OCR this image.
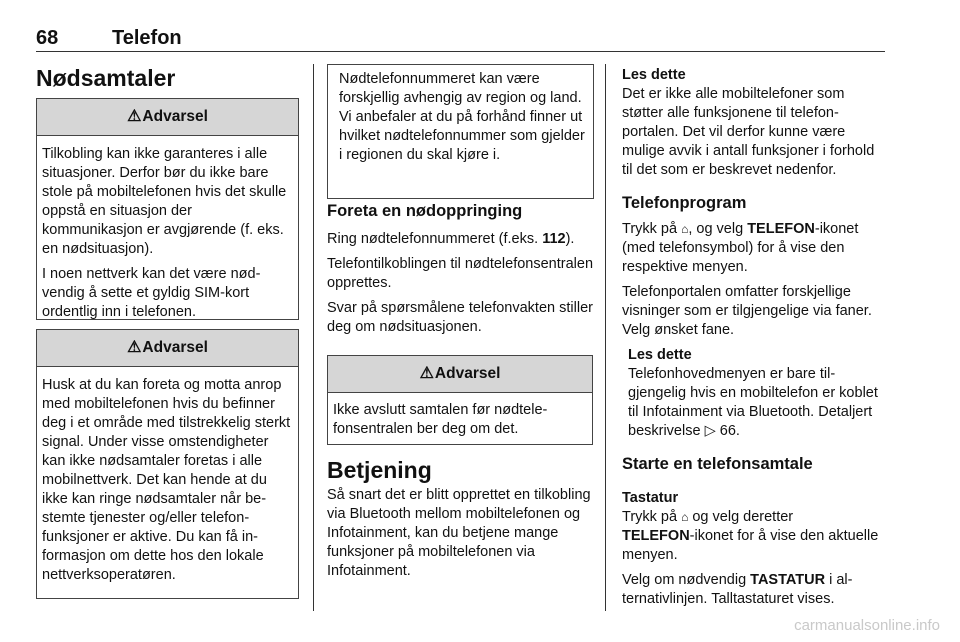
68	Telefon
Nødsamtaler
⚠Advarsel

Tilkobling kan ikke garanteres i alle situasjoner. Derfor bør du ikke bare stole på mobiltelefonen hvis det skulle oppstå en situasjon der kommunikasjon er avgjørende (f. eks. en nødsituasjon).

I noen nettverk kan det være nødvendig å sette et gyldig SIM-kort ordentlig inn i telefonen.

⚠Advarsel

Husk at du kan foreta og motta anrop med mobiltelefonen hvis du befinner deg i et område med tilstrekkelig sterkt signal. Under visse omstendigheter kan ikke nødsamtaler foretas i alle mobilnettverk. Det kan hende at du ikke kan ringe nødsamtaler når bestemte tjenester og/eller telefonfunksjoner er aktive. Du kan få informasjon om dette hos den lokale nettverksoperatøren.

Nødtelefonnummeret kan være forskjellig avhengig av region og land. Vi anbefaler at du på forhånd finner ut hvilket nødtelefonnummer som gjelder i regionen du skal kjøre i.
Foreta en nødoppringing

Ring nødtelefonnummeret (f.eks. 112).

Telefontilkoblingen til nødtelefonsentralen opprettes.

Svar på spørsmålene telefonvakten stiller deg om nødsituasjonen.

⚠Advarsel

Ikke avslutt samtalen før nødtelefonsentralen ber deg om det.

Betjening

Så snart det er blitt opprettet en tilkobling via Bluetooth mellom mobiltelefonen og Infotainment, kan du betjene mange funksjoner på mobiltelefonen via Infotainment.

Les dette
Det er ikke alle mobiltelefoner som støtter alle funksjonene til telefonportalen. Det vil derfor kunne være mulige avvik i antall funksjoner i forhold til det som er beskrevet nedenfor.
Telefonprogram

Trykk på ⌂, og velg TELEFON-ikonet (med telefonsymbol) for å vise den respektive menyen.

Telefonportalen omfatter forskjellige visninger som er tilgjengelige via faner. Velg ønsket fane.

Les dette
Telefonhovedmenyen er bare tilgjengelig hvis en mobiltelefon er koblet til Infotainment via Bluetooth. Detaljert beskrivelse ▷ 66.
Starte en telefonsamtale
Tastatur

Trykk på ⌂ og velg deretter
TELEFON-ikonet for å vise den aktuelle menyen.

Velg om nødvendig TASTATUR i alternativlinjen. Talltastaturet vises.

carmanualsonline.info
